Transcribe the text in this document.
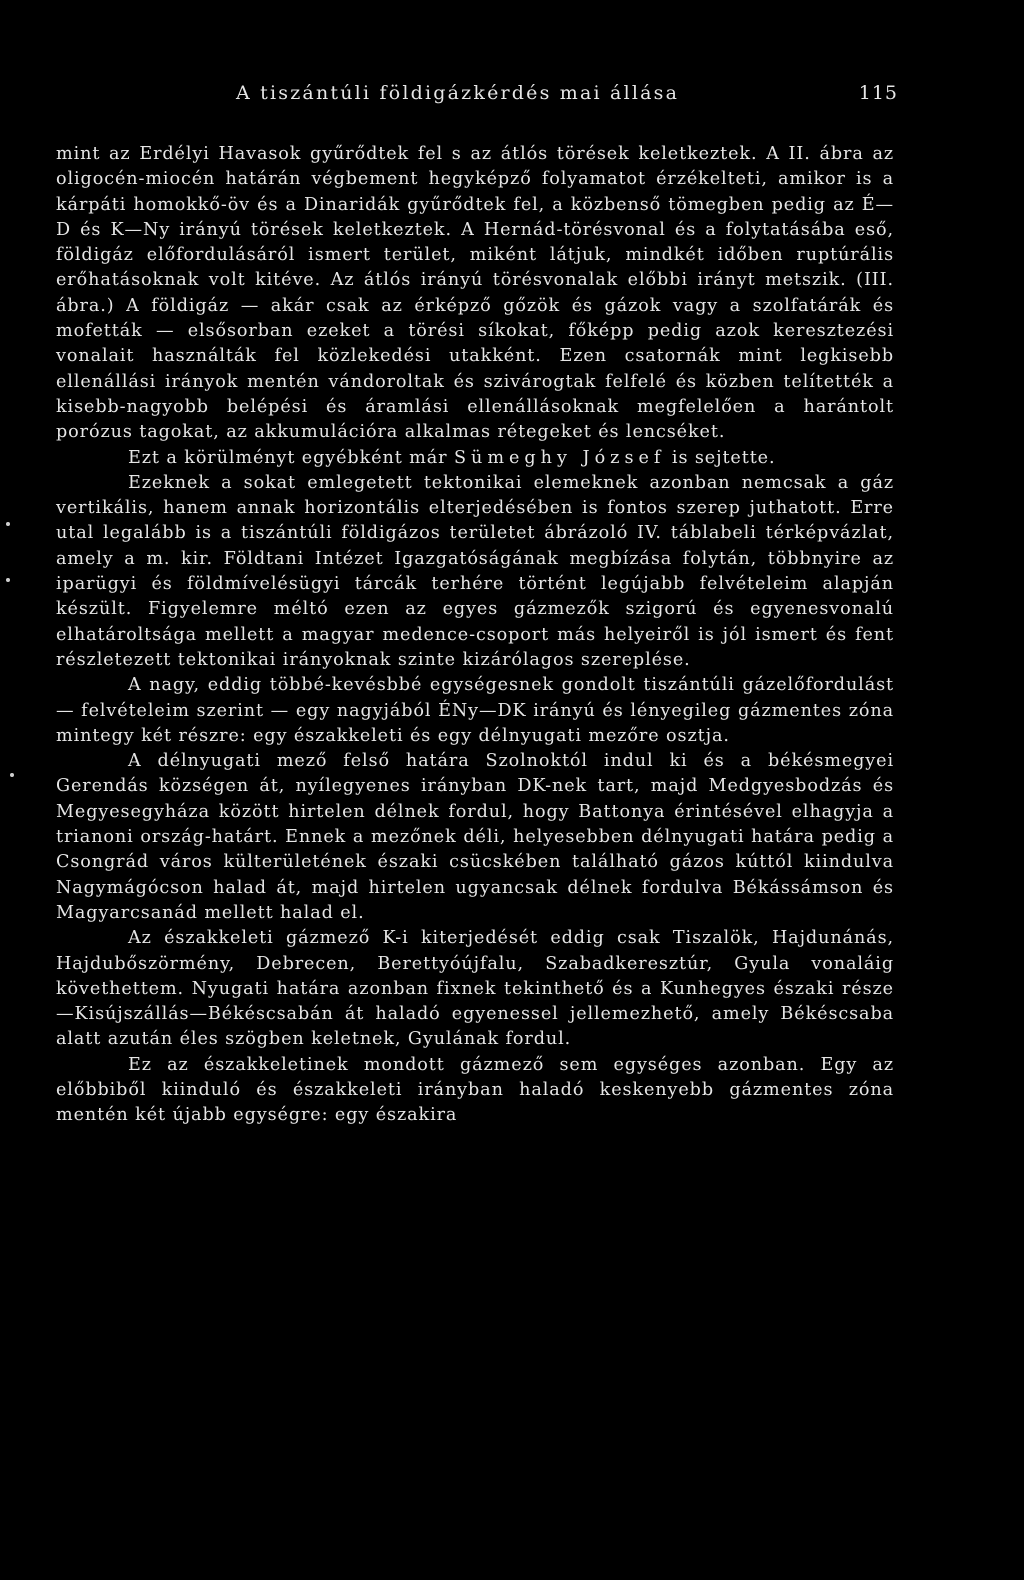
A tiszántúli földigázkérdés mai állása	115

mint az Erdélyi Havasok gyűrődtek fel s az átlós törések keletkeztek. A II. ábra az oligocén-miocén határán végbement hegyképző folyamatot érzékelteti, amikor is a kárpáti homokkő-öv és a Dinaridák gyűrődtek fel, a közbenső tömegben pedig az É—D és K—Ny irányú törések keletkeztek. A Hernád-törésvonal és a folytatásába eső, földigáz előfordulásáról ismert terület, miként látjuk, mindkét időben ruptúrális erőhatásoknak volt kitéve. Az átlós irányú törésvonalak előbbi irányt metszik. (III. ábra.) A földigáz — akár csak az érképző gőzök és gázok vagy a szolfatárák és mofetták — elsősorban ezeket a törési síkokat, főképp pedig azok keresztezési vonalait használták fel közlekedési utakként. Ezen csatornák mint legkisebb ellenállási irányok mentén vándoroltak és szivárogtak felfelé és közben telítették a kisebb-nagyobb belépési és áramlási ellenállásoknak megfelelően a harántolt porózus tagokat, az akkumulációra alkalmas rétegeket és lencséket.

Ezt a körülményt egyébként már Sümeghy József is sejtette.

Ezeknek a sokat emlegetett tektonikai elemeknek azonban nemcsak a gáz vertikális, hanem annak horizontális elterjedésében is fontos szerep juthatott. Erre utal legalább is a tiszántúli földigázos területet ábrázoló IV. táblabeli térképvázlat, amely a m. kir. Földtani Intézet Igazgatóságának megbízása folytán, többnyire az iparügyi és földmívelésügyi tárcák terhére történt legújabb felvételeim alapján készült. Figyelemre méltó ezen az egyes gázmezők szigorú és egyenesvonalú elhatároltsága mellett a magyar medence-csoport más helyeiről is jól ismert és fent részletezett tektonikai irányoknak szinte kizárólagos szereplése.

A nagy, eddig többé-kevésbbé egységesnek gondolt tiszántúli gázelőfordulást — felvételeim szerint — egy nagyjából ÉNy—DK irányú és lényegileg gázmentes zóna mintegy két részre: egy északkeleti és egy délnyugati mezőre osztja.

A délnyugati mező felső határa Szolnoktól indul ki és a békésmegyei Gerendás községen át, nyílegyenes irányban DK-nek tart, majd Medgyesbodzás és Megyesegyháza között hirtelen délnek fordul, hogy Battonya érintésével elhagyja a trianoni ország-határt. Ennek a mezőnek déli, helyesebben délnyugati határa pedig a Csongrád város külterületének északi csücskében található gázos kúttól kiindulva Nagymágócson halad át, majd hirtelen ugyancsak délnek fordulva Békássámson és Magyarcsanád mellett halad el.

Az északkeleti gázmező K-i kiterjedését eddig csak Tiszalök, Hajdunánás, Hajdubőszörmény, Debrecen, Berettyóújfalu, Szabadkeresztúr, Gyula vonaláig követhettem. Nyugati határa azonban fixnek tekinthető és a Kunhegyes északi része—Kisújszállás—Békéscsabán át haladó egyenessel jellemezhető, amely Békéscsaba alatt azután éles szögben keletnek, Gyulának fordul.

Ez az északkeletinek mondott gázmező sem egységes azonban. Egy az előbbiből kiinduló és északkeleti irányban haladó keskenyebb gázmentes zóna mentén két újabb egységre: egy északira
